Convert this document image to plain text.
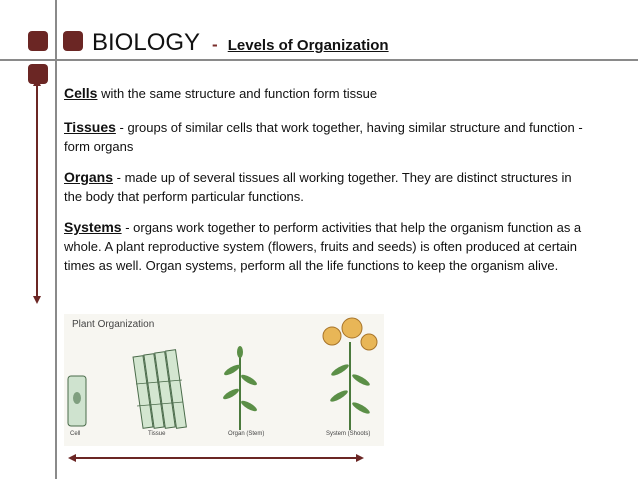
BIOLOGY - Levels of Organization
Cells with the same structure and function form tissue
Tissues - groups of similar cells that work together, having similar structure and function - form organs
Organs - made up of several tissues all working together. They are distinct structures in the body that perform particular functions.
Systems - organs work together to perform activities that help the organism function as a whole. A plant reproductive system (flowers, fruits and seeds) is often produced at certain times as well. Organ systems, perform all the life functions to keep the organism alive.
Plant Organization
Cell	Tissue	Organ (Stem)	System (Shoots)
